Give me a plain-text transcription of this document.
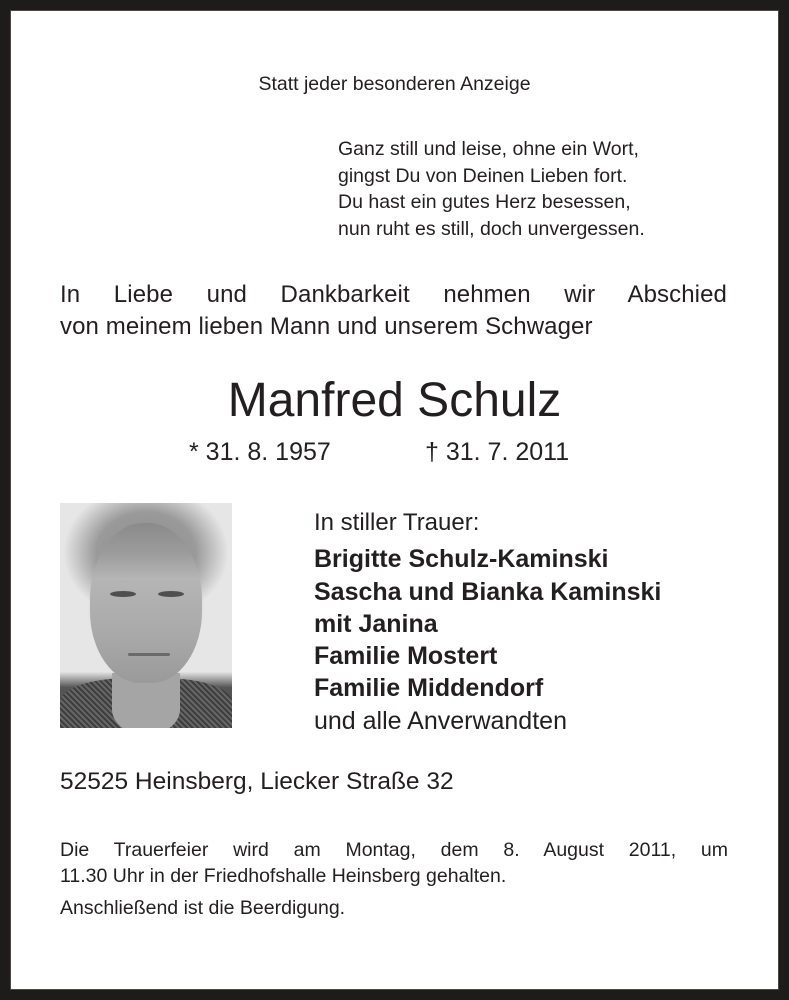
Statt jeder besonderen Anzeige
Ganz still und leise, ohne ein Wort,
gingst Du von Deinen Lieben fort.
Du hast ein gutes Herz besessen,
nun ruht es still, doch unvergessen.
In Liebe und Dankbarkeit nehmen wir Abschied
von meinem lieben Mann und unserem Schwager
Manfred Schulz
* 31. 8. 1957	† 31. 7. 2011
In stiller Trauer:
Brigitte Schulz-Kaminski
Sascha und Bianka Kaminski
mit Janina
Familie Mostert
Familie Middendorf
und alle Anverwandten
52525 Heinsberg, Liecker Straße 32
Die Trauerfeier wird am Montag, dem 8. August 2011, um
11.30 Uhr in der Friedhofshalle Heinsberg gehalten.
Anschließend ist die Beerdigung.
